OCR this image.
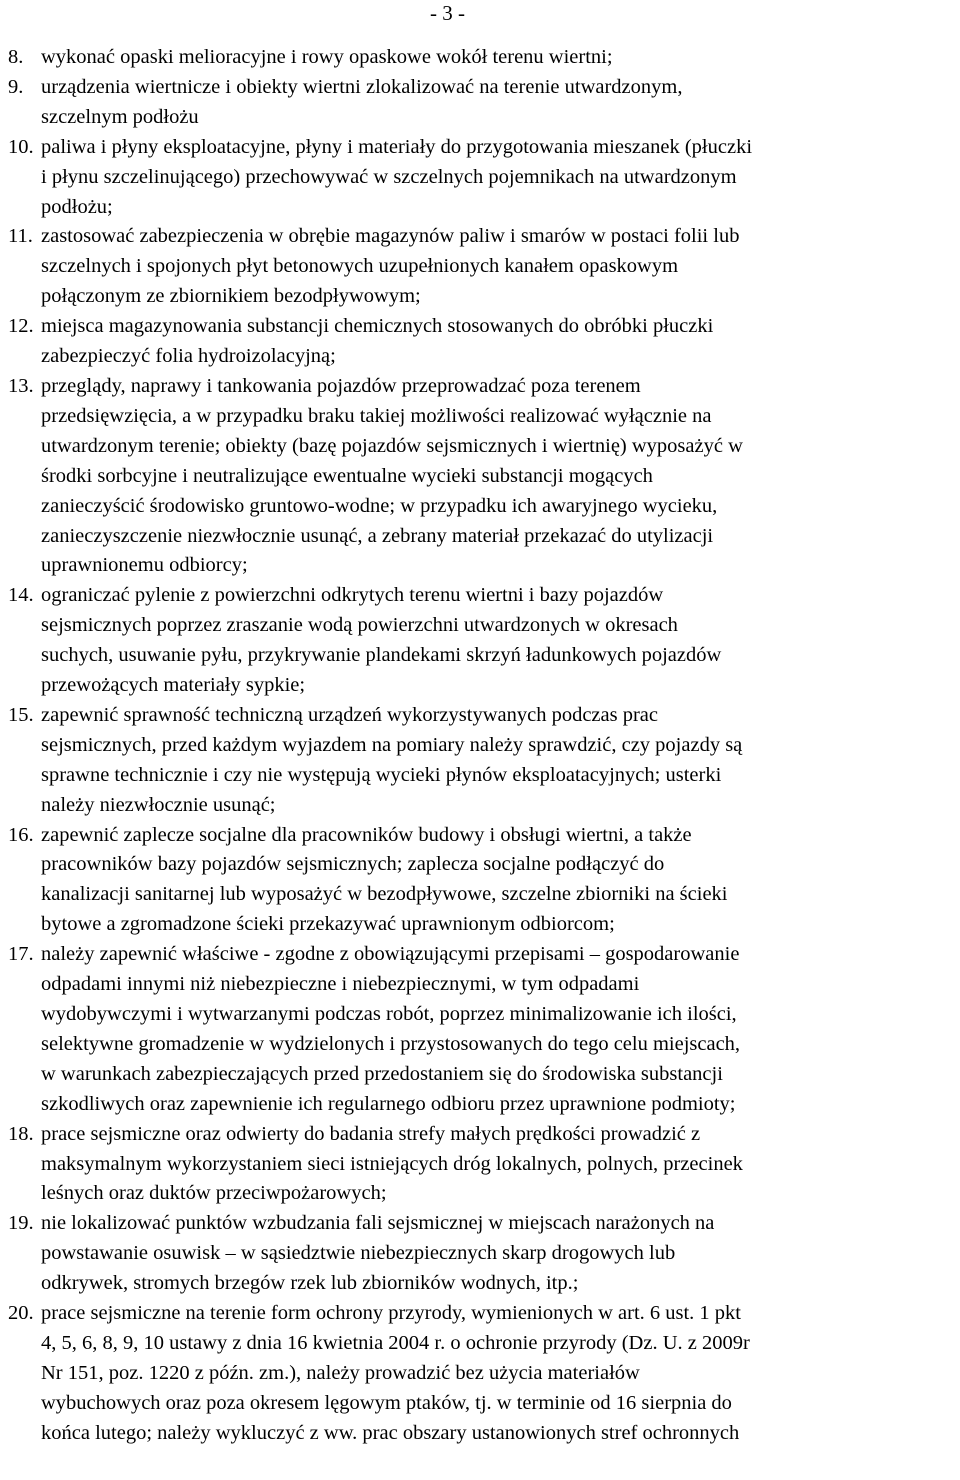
- 3 -
8. wykonać opaski melioracyjne i rowy opaskowe wokół terenu wiertni;
9. urządzenia wiertnicze i obiekty wiertni zlokalizować na terenie utwardzonym,
szczelnym podłożu
10. paliwa i płyny eksploatacyjne, płyny i materiały do przygotowania mieszanek (płuczki
i płynu szczelinującego) przechowywać w szczelnych pojemnikach na utwardzonym
podłożu;
11. zastosować zabezpieczenia w obrębie magazynów paliw i smarów w postaci folii lub
szczelnych i spojonych płyt betonowych uzupełnionych kanałem opaskowym
połączonym ze zbiornikiem bezodpływowym;
12. miejsca magazynowania substancji chemicznych stosowanych do obróbki płuczki
zabezpieczyć folia hydroizolacyjną;
13. przeglądy, naprawy i tankowania pojazdów przeprowadzać poza terenem
przedsięwzięcia, a w przypadku braku takiej możliwości realizować wyłącznie na
utwardzonym terenie; obiekty (bazę pojazdów sejsmicznych i wiertnię) wyposażyć w
środki sorbcyjne i neutralizujące ewentualne wycieki substancji mogących
zanieczyścić środowisko gruntowo-wodne; w przypadku ich awaryjnego wycieku,
zanieczyszczenie niezwłocznie usunąć, a zebrany materiał przekazać do utylizacji
uprawnionemu odbiorcy;
14. ograniczać pylenie z powierzchni odkrytych terenu wiertni i bazy pojazdów
sejsmicznych poprzez zraszanie wodą powierzchni utwardzonych w okresach
suchych, usuwanie pyłu, przykrywanie plandekami skrzyń ładunkowych pojazdów
przewożących materiały sypkie;
15. zapewnić sprawność techniczną urządzeń wykorzystywanych podczas prac
sejsmicznych, przed każdym wyjazdem na pomiary należy sprawdzić, czy pojazdy są
sprawne technicznie i czy nie występują wycieki płynów eksploatacyjnych; usterki
należy niezwłocznie usunąć;
16. zapewnić zaplecze socjalne dla pracowników budowy i obsługi wiertni, a także
pracowników bazy pojazdów sejsmicznych; zaplecza socjalne podłączyć do
kanalizacji sanitarnej lub wyposażyć w bezodpływowe, szczelne zbiorniki na ścieki
bytowe a zgromadzone ścieki przekazywać uprawnionym odbiorcom;
17. należy zapewnić właściwe - zgodne z obowiązującymi przepisami – gospodarowanie
odpadami innymi niż niebezpieczne i niebezpiecznymi, w tym odpadami
wydobywczymi i wytwarzanymi podczas robót, poprzez minimalizowanie ich ilości,
selektywne gromadzenie w wydzielonych i przystosowanych do tego celu miejscach,
w warunkach zabezpieczających przed przedostaniem się do środowiska substancji
szkodliwych oraz zapewnienie ich regularnego odbioru przez uprawnione podmioty;
18. prace sejsmiczne oraz odwierty do badania strefy małych prędkości prowadzić z
maksymalnym wykorzystaniem sieci istniejących dróg lokalnych, polnych, przecinek
leśnych oraz duktów przeciwpożarowych;
19. nie lokalizować punktów wzbudzania fali sejsmicznej w miejscach narażonych na
powstawanie osuwisk – w sąsiedztwie niebezpiecznych skarp drogowych lub
odkrywek, stromych brzegów rzek lub zbiorników wodnych, itp.;
20. prace sejsmiczne na terenie form ochrony przyrody, wymienionych w art. 6 ust. 1 pkt
4, 5, 6, 8, 9, 10 ustawy z dnia 16 kwietnia 2004 r. o ochronie przyrody (Dz. U. z 2009r
Nr 151, poz. 1220 z późn. zm.), należy prowadzić bez użycia materiałów
wybuchowych oraz poza okresem lęgowym ptaków, tj. w terminie od 16 sierpnia do
końca lutego; należy wykluczyć z ww. prac obszary ustanowionych stref ochronnych
